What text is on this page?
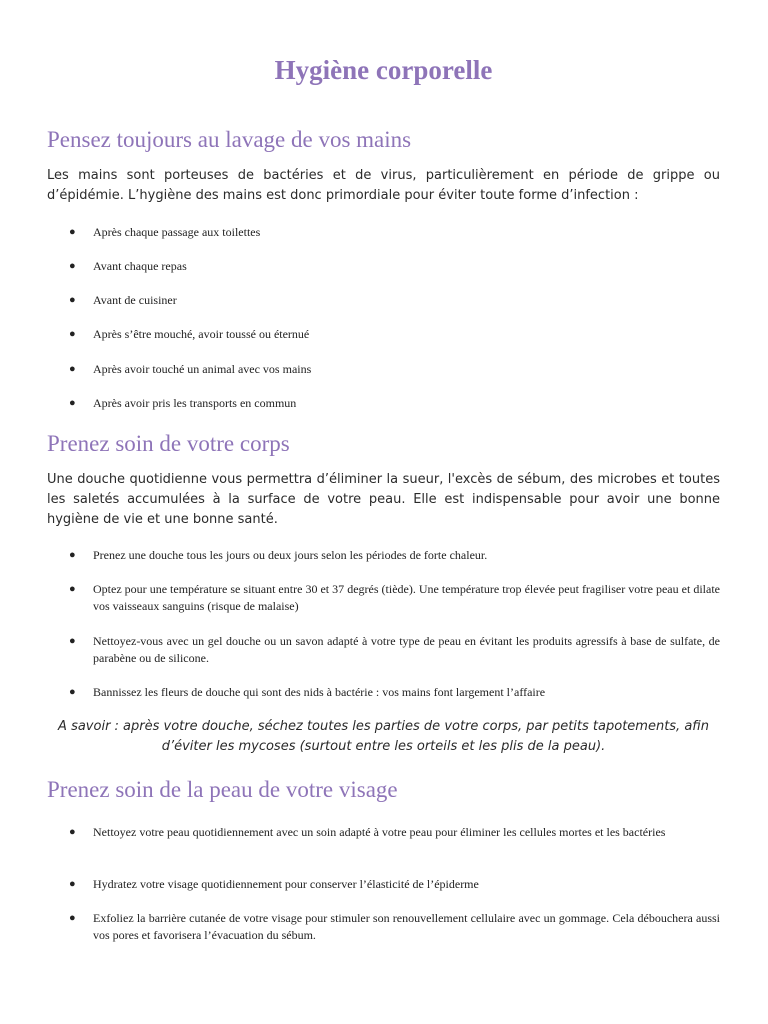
Hygiène corporelle
Pensez toujours au lavage de vos mains
Les mains sont porteuses de bactéries et de virus, particulièrement en période de grippe ou d’épidémie. L’hygiène des mains est donc primordiale pour éviter toute forme d’infection :
● Après chaque passage aux toilettes
● Avant chaque repas
● Avant de cuisiner
● Après s’être mouché, avoir toussé ou éternué
● Après avoir touché un animal avec vos mains
● Après avoir pris les transports en commun
Prenez soin de votre corps
Une douche quotidienne vous permettra d’éliminer la sueur, l'excès de sébum, des microbes et toutes les saletés accumulées à la surface de votre peau. Elle est indispensable pour avoir une bonne hygiène de vie et une bonne santé.
● Prenez une douche tous les jours ou deux jours selon les périodes de forte chaleur.
● Optez pour une température se situant entre 30 et 37 degrés (tiède). Une température trop élevée peut fragiliser votre peau et dilate vos vaisseaux sanguins (risque de malaise)
● Nettoyez-vous avec un gel douche ou un savon adapté à votre type de peau en évitant les produits agressifs à base de sulfate, de parabène ou de silicone.
● Bannissez les fleurs de douche qui sont des nids à bactérie : vos mains font largement l’affaire
A savoir : après votre douche, séchez toutes les parties de votre corps, par petits tapotements, afin
d’éviter les mycoses (surtout entre les orteils et les plis de la peau).
Prenez soin de la peau de votre visage
● Nettoyez votre peau quotidiennement avec un soin adapté à votre peau pour éliminer les cellules mortes et les bactéries
● Hydratez votre visage quotidiennement pour conserver l’élasticité de l’épiderme
● Exfoliez la barrière cutanée de votre visage pour stimuler son renouvellement cellulaire avec un gommage. Cela débouchera aussi vos pores et favorisera l’évacuation du sébum.
